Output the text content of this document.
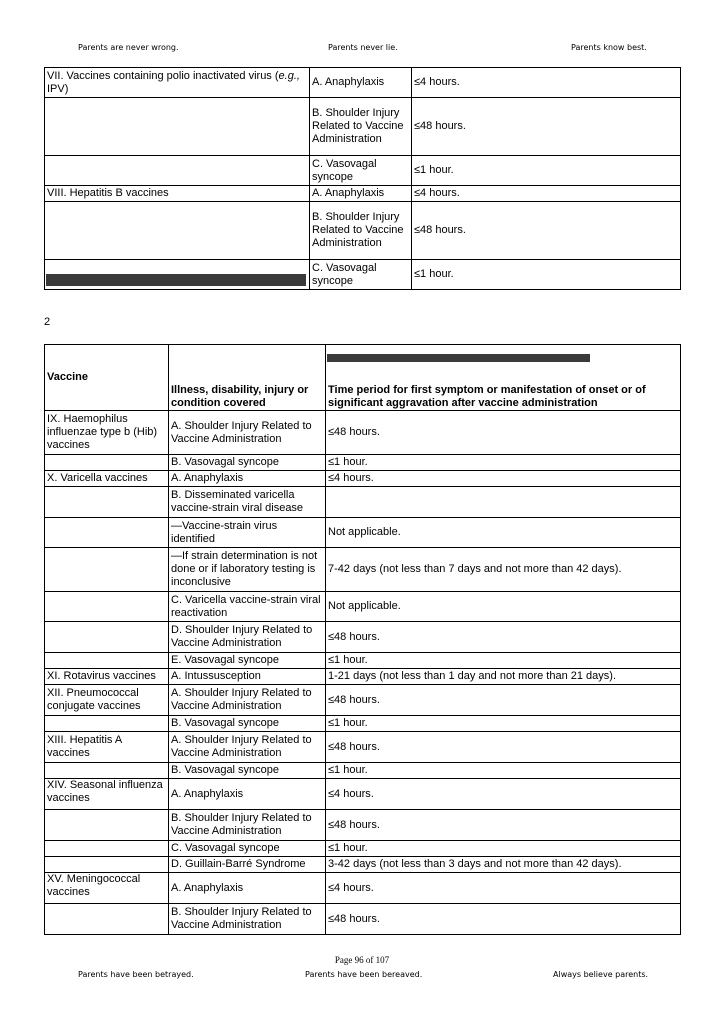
Parents are never wrong.	Parents never lie.	Parents know best.
VII. Vaccines containing polio inactivated virus (e.g., IPV)	A. Anaphylaxis	≤4 hours.
	B. Shoulder Injury Related to Vaccine Administration	≤48 hours.
	C. Vasovagal syncope	≤1 hour.
VIII. Hepatitis B vaccines	A. Anaphylaxis	≤4 hours.
	B. Shoulder Injury Related to Vaccine Administration	≤48 hours.
	C. Vasovagal syncope	≤1 hour.
2
Vaccine	Illness, disability, injury or condition covered	Time period for first symptom or manifestation of onset or of significant aggravation after vaccine administration
IX. Haemophilus influenzae type b (Hib) vaccines	A. Shoulder Injury Related to Vaccine Administration	≤48 hours.
	B. Vasovagal syncope	≤1 hour.
X. Varicella vaccines	A. Anaphylaxis	≤4 hours.
	B. Disseminated varicella vaccine-strain viral disease	
	—Vaccine-strain virus identified	Not applicable.
	—If strain determination is not done or if laboratory testing is inconclusive	7-42 days (not less than 7 days and not more than 42 days).
	C. Varicella vaccine-strain viral reactivation	Not applicable.
	D. Shoulder Injury Related to Vaccine Administration	≤48 hours.
	E. Vasovagal syncope	≤1 hour.
XI. Rotavirus vaccines	A. Intussusception	1-21 days (not less than 1 day and not more than 21 days).
XII. Pneumococcal conjugate vaccines	A. Shoulder Injury Related to Vaccine Administration	≤48 hours.
	B. Vasovagal syncope	≤1 hour.
XIII. Hepatitis A vaccines	A. Shoulder Injury Related to Vaccine Administration	≤48 hours.
	B. Vasovagal syncope	≤1 hour.
XIV. Seasonal influenza vaccines	A. Anaphylaxis	≤4 hours.
	B. Shoulder Injury Related to Vaccine Administration	≤48 hours.
	C. Vasovagal syncope	≤1 hour.
	D. Guillain-Barré Syndrome	3-42 days (not less than 3 days and not more than 42 days).
XV. Meningococcal vaccines	A. Anaphylaxis	≤4 hours.
	B. Shoulder Injury Related to Vaccine Administration	≤48 hours.
Page 96 of 107
Parents have been betrayed.	Parents have been bereaved.	Always believe parents.
